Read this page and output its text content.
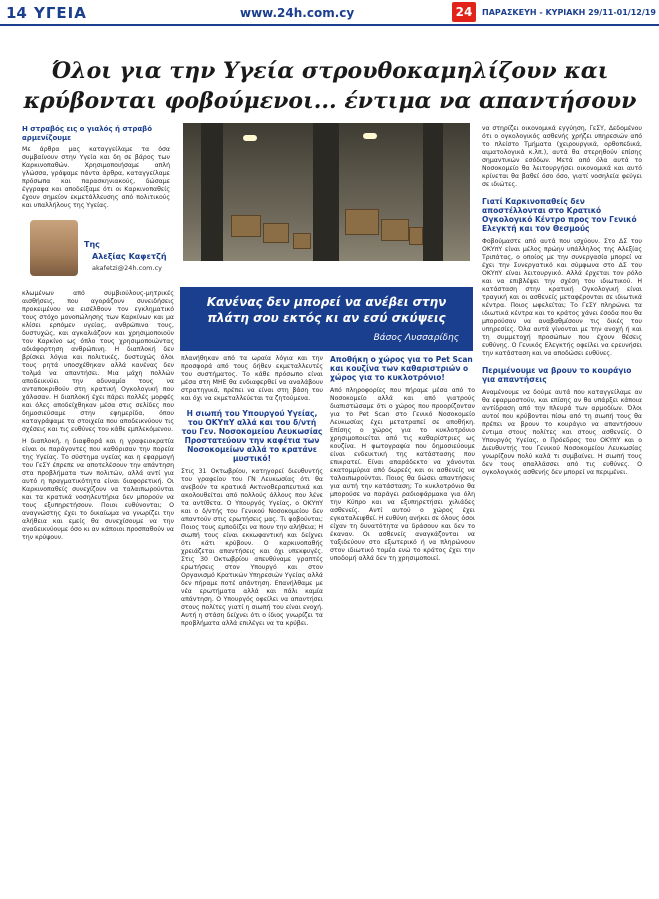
14 ΥΓΕΙΑ	www.24h.com.cy	24	ΠΑΡΑΣΚΕΥΗ - ΚΥΡΙΑΚΗ 29/11-01/12/19
Όλοι για την Υγεία στρουθοκαμηλίζουν και κρύβονται φοβούμενοι... έντιμα να απαντήσουν
Η στραβός εις ο γιαλός ή στραβό αρμενίζουμε
Με άρθρα μας καταγγείλαμε τα όσα συμβαίνουν στην Υγεία και δη σε βάρος των Καρκινοπαθών. Χρησιμοποιήσαμε απλή γλώσσα, γράψαμε πάντα άρθρα, καταγγείλαμε πρόσωπα και παρασκηνιακούς, δώσαμε έγγραφα και αποδείξαμε ότι οι Καρκινοπαθείς έχουν σημείον εκμετάλλευσης από πολιτικούς και υπαλλήλους της Υγείας.
Της
Αλεξίας Καφετζή
akafetzi@24h.com.cy
Κανένας δεν μπορεί να ανέβει στην πλάτη σου εκτός κι αν εσύ σκύψεις
Βάσος Λυσσαρίδης
κλωμένων από συμβιούλους-μητρικές αισθήσεις, που αγοράζουν συνειδήσεις προκειμένου να εισέλθουν τον εγκληματικό τους στόχο μονοπώλησης των Καρκίνων και μα κλίσει ερπόμεν υγείας, ανθρώπινα τους, δυστυχώς, και αγκαλιάζουν και χρησιμοποιούν τον Καρκίνο ως όπλο τους χρησιμοποιώντας αδιάφορτηση ανθρώπινη. Η διαπλοκή δεν βρίσκει λόγια και πολιτικές, δυστυχώς όλοι τους ρητά υποσχέθηκαν αλλά κανένας δεν τολμά να απαντήσει. Μια μάχη πολλών αποδεικνύει την αδυναμία τους να ανταποκριθούν στη κρατική Ογκολογική που χάλασαν. Η διαπλοκή έχει πάρει πολλές μορφές και όλες αποδείχθηκαν μέσα στις σελίδες που δημοσιεύσαμε στην εφημερίδα, όπου καταγράψαμε τα στοιχεία που αποδεικνύουν τις σχέσεις και τις ευθύνες του κάθε εμπλεκόμενου.
Η διαπλοκή, η διαφθορά και η γραφειοκρατία είναι οι παράγοντες που καθόρισαν την πορεία της Υγείας. Το σύστημα υγείας και η εφαρμογή του ΓεΣΥ έπρεπε να αποτελέσουν την απάντηση στα προβλήματα των πολιτών, αλλά αντί για αυτό η πραγματικότητα είναι διαφορετική. Οι Καρκινοπαθείς συνεχίζουν να ταλαιπωρούνται και τα κρατικά νοσηλευτήρια δεν μπορούν να τους εξυπηρετήσουν. Ποιοι ευθύνονται; Ο αναγνώστης έχει το δικαίωμα να γνωρίζει την αλήθεια και εμείς θα συνεχίσουμε να την αναδεικνύουμε όσο κι αν κάποιοι προσπαθούν να την κρύψουν.
πλανήθηκαν από τα ωραία λόγια και την προσφορά από τους δήθεν εκμεταλλευτές του συστήματος. Το κάθε πρόσωπο είναι μέσα στη ΜΗΕ θα ενδιαφερθεί να αναλάβουν στρατηγικά, πρέπει να είναι στη βάση του και όχι να εκμεταλλεύεται τα ζητούμενα.
Η σιωπή του Υπουργού Υγείας, του ΟΚΥπΥ αλλά και του δ/ντή του Γεν. Νοσοκομείου Λευκωσίας Προστατεύουν την καφέτια των Νοσοκομείων αλλά το κρατάνε μυστικό!
Στις 31 Οκτωβρίου, κατηγορεί διευθυντής του γραφείου του ΓΝ Λευκωσίας ότι θα ανεβούν τα κρατικά Ακτινοθεραπευτικά και ακολουθείται από πολλούς άλλους που λένε τα αντίθετα. Ο Υπουργός Υγείας, ο ΟΚΥπΥ και ο δ/ντής του Γενικού Νοσοκομείου δεν απαντούν στις ερωτήσεις μας. Τι φοβούνται; Ποιος τους εμποδίζει να πουν την αλήθεια; Η σιωπή τους είναι εκκωφαντική και δείχνει ότι κάτι κρύβουν. Ο καρκινοπαθής χρειάζεται απαντήσεις και όχι υπεκφυγές. Στις 30 Οκτωβρίου απευθύναμε γραπτές ερωτήσεις στον Υπουργό και στον Οργανισμό Κρατικών Υπηρεσιών Υγείας αλλά δεν πήραμε ποτέ απάντηση. Επανήλθαμε με νέα ερωτήματα αλλά και πάλι καμία απάντηση. Ο Υπουργός οφείλει να απαντήσει στους πολίτες γιατί η σιωπή του είναι ενοχή. Αυτή η στάση δείχνει ότι ο ίδιος γνωρίζει τα προβλήματα αλλά επιλέγει να τα κρύβει.
Αποθήκη ο χώρος για το Pet Scan και κουζίνα των καθαριστριών ο χώρος για το κυκλοτρόνιο!
Από πληροφορίες που πήραμε μέσα από το Νοσοκομείο αλλά και από γιατρούς διαπιστώσαμε ότι ο χώρος που προορίζονταν για το Pet Scan στο Γενικό Νοσοκομείο Λευκωσίας έχει μετατραπεί σε αποθήκη. Επίσης ο χώρος για το κυκλοτρόνιο χρησιμοποιείται από τις καθαρίστριες ως κουζίνα. Η φωτογραφία που δημοσιεύουμε είναι ενδεικτική της κατάστασης που επικρατεί. Είναι απαράδεκτο να χάνονται εκατομμύρια από δωρεές και οι ασθενείς να ταλαιπωρούνται. Ποιος θα δώσει απαντήσεις για αυτή την κατάσταση; Το κυκλοτρόνιο θα μπορούσε να παράγει ραδιοφάρμακα για όλη την Κύπρο και να εξυπηρετήσει χιλιάδες ασθενείς. Αντί αυτού ο χώρος έχει εγκαταλειφθεί. Η ευθύνη ανήκει σε όλους όσοι είχαν τη δυνατότητα να δράσουν και δεν το έκαναν. Οι ασθενείς αναγκάζονται να ταξιδεύουν στο εξωτερικό ή να πληρώνουν στον ιδιωτικό τομέα ενώ το κράτος έχει την υποδομή αλλά δεν τη χρησιμοποιεί.
να στηρίζει οικονομικά εγγύηση, ΓεΣΥ, Δεδομένου ότι ο ογκολογικός ασθενής χρήζει υπηρεσιών από το πλείστο Τμήματα (χειρουργικά, ορθοπεδικά, αιματολογικά κ.λπ.), αυτά θα στερηθούν επίσης σημαντικών εσόδων. Μετά από όλα αυτά το Νοσοκομείο θα λειτουργήσει οικονομικά και αυτό κρίνεται θα βαθεί όσο όσο, γιατί νοσηλεία φεύγει σε ιδιώτες.
Γιατί Καρκινοπαθείς δεν αποστέλλονται στο Κρατικό Ογκολογικό Κέντρο προς τον Γενικό Ελεγκτή και τον Θεσμούς
Φοβούμαστε από αυτά που ισχύουν. Στο ΔΣ του ΟΚΥπΥ είναι μέλος πρώην υπάλληλος της Αλεξίας Τριπάτας, ο οποίος με την συνεργασία μπορεί να έχει την Συνεργατικό και σύμφωνα στο ΔΣ του ΟΚΥπΥ είναι λειτουργικό. Αλλά έρχεται τον ρόλο και να επιβλέψει την σχέση του ιδιωτικού. Η κατάσταση στην κρατική Ογκολογική είναι τραγική και οι ασθενείς μεταφέρονται σε ιδιωτικά κέντρα. Ποιος ωφελείται; Το ΓεΣΥ πληρώνει τα ιδιωτικά κέντρα και το κράτος χάνει έσοδα που θα μπορούσαν να αναβαθμίσουν τις δικές του υπηρεσίες. Όλα αυτά γίνονται με την ανοχή ή και τη συμμετοχή προσώπων που έχουν θέσεις ευθύνης. Ο Γενικός Ελεγκτής οφείλει να ερευνήσει την κατάσταση και να αποδώσει ευθύνες.
Περιμένουμε να βρουν το κουράγιο για απαντήσεις
Αναμένουμε να δούμε αυτά που καταγγείλαμε αν θα εφαρμοστούν, και επίσης αν θα υπάρξει κάποια αντίδραση από την πλευρά των αρμοδίων. Όλοι αυτοί που κρύβονται πίσω από τη σιωπή τους θα πρέπει να βρουν το κουράγιο να απαντήσουν έντιμα στους πολίτες και στους ασθενείς. Ο Υπουργός Υγείας, ο Πρόεδρος του ΟΚΥπΥ και ο Διευθυντής του Γενικού Νοσοκομείου Λευκωσίας γνωρίζουν πολύ καλά τι συμβαίνει. Η σιωπή τους δεν τους απαλλάσσει από τις ευθύνες. Ο ογκολογικός ασθενής δεν μπορεί να περιμένει.
